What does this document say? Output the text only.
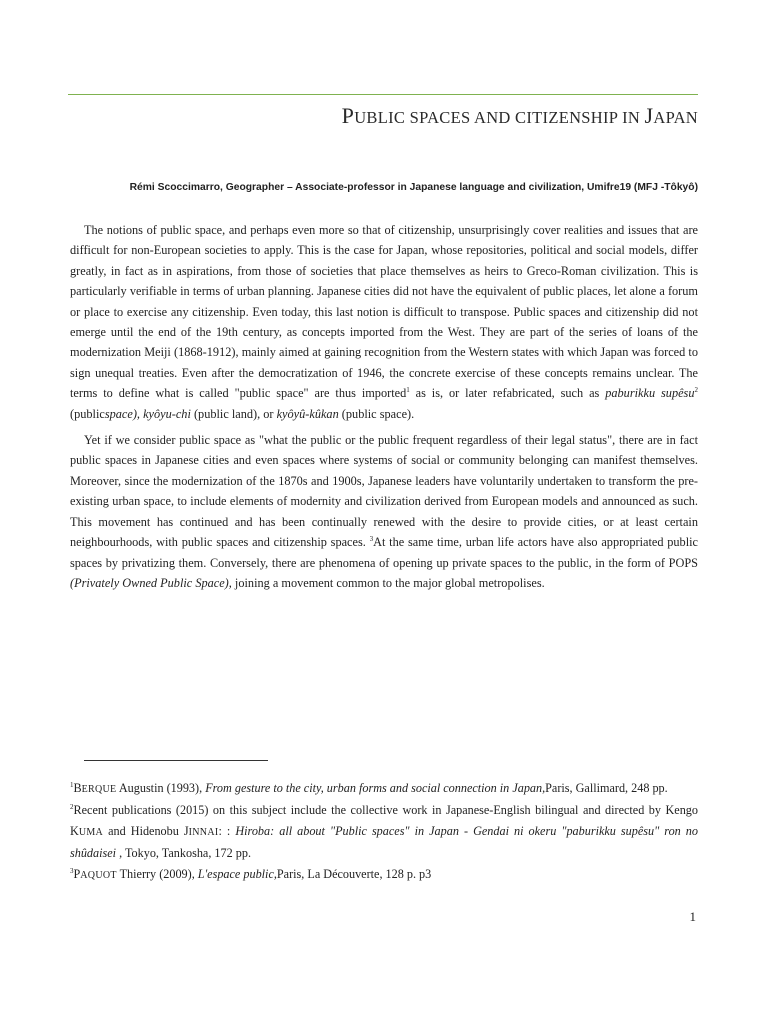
PUBLIC SPACES AND CITIZENSHIP IN JAPAN
Rémi Scoccimarro, Geographer – Associate-professor in Japanese language and civilization, Umifre19 (MFJ -Tôkyô)

The notions of public space, and perhaps even more so that of citizenship, unsurprisingly cover realities and issues that are difficult for non-European societies to apply. This is the case for Japan, whose repositories, political and social models, differ greatly, in fact as in aspirations, from those of societies that place themselves as heirs to Greco-Roman civilization. This is particularly verifiable in terms of urban planning. Japanese cities did not have the equivalent of public places, let alone a forum or place to exercise any citizenship. Even today, this last notion is difficult to transpose. Public spaces and citizenship did not emerge until the end of the 19th century, as concepts imported from the West. They are part of the series of loans of the modernization Meiji (1868-1912), mainly aimed at gaining recognition from the Western states with which Japan was forced to sign unequal treaties. Even after the democratization of 1946, the concrete exercise of these concepts remains unclear. The terms to define what is called "public space" are thus imported$^1$ as is, or later refabricated, such as paburikku supêsu$^2$ (publicspace), kyôyu-chi (public land), or kyôyû-kûkan (public space).

Yet if we consider public space as "what the public or the public frequent regardless of their legal status", there are in fact public spaces in Japanese cities and even spaces where systems of social or community belonging can manifest themselves. Moreover, since the modernization of the 1870s and 1900s, Japanese leaders have voluntarily undertaken to transform the pre-existing urban space, to include elements of modernity and civilization derived from European models and announced as such. This movement has continued and has been continually renewed with the desire to provide cities, or at least certain neighbourhoods, with public spaces and citizenship spaces. $^3$At the same time, urban life actors have also appropriated public spaces by privatizing them. Conversely, there are phenomena of opening up private spaces to the public, in the form of POPS (Privately Owned Public Space), joining a movement common to the major global metropolises.

$^1$BERQUE Augustin (1993), From gesture to the city, urban forms and social connection in Japan,Paris, Gallimard, 248 pp.

$^2$Recent publications (2015) on this subject include the collective work in Japanese-English bilingual and directed by Kengo KUMA and Hidenobu JINNAI: : Hiroba: all about "Public spaces" in Japan - Gendai ni okeru "paburikku supêsu" ron no shûdaisei , Tokyo, Tankosha, 172 pp.

$^3$PAQUOT Thierry (2009), L'espace public,Paris, La Découverte, 128 p. p3

1
